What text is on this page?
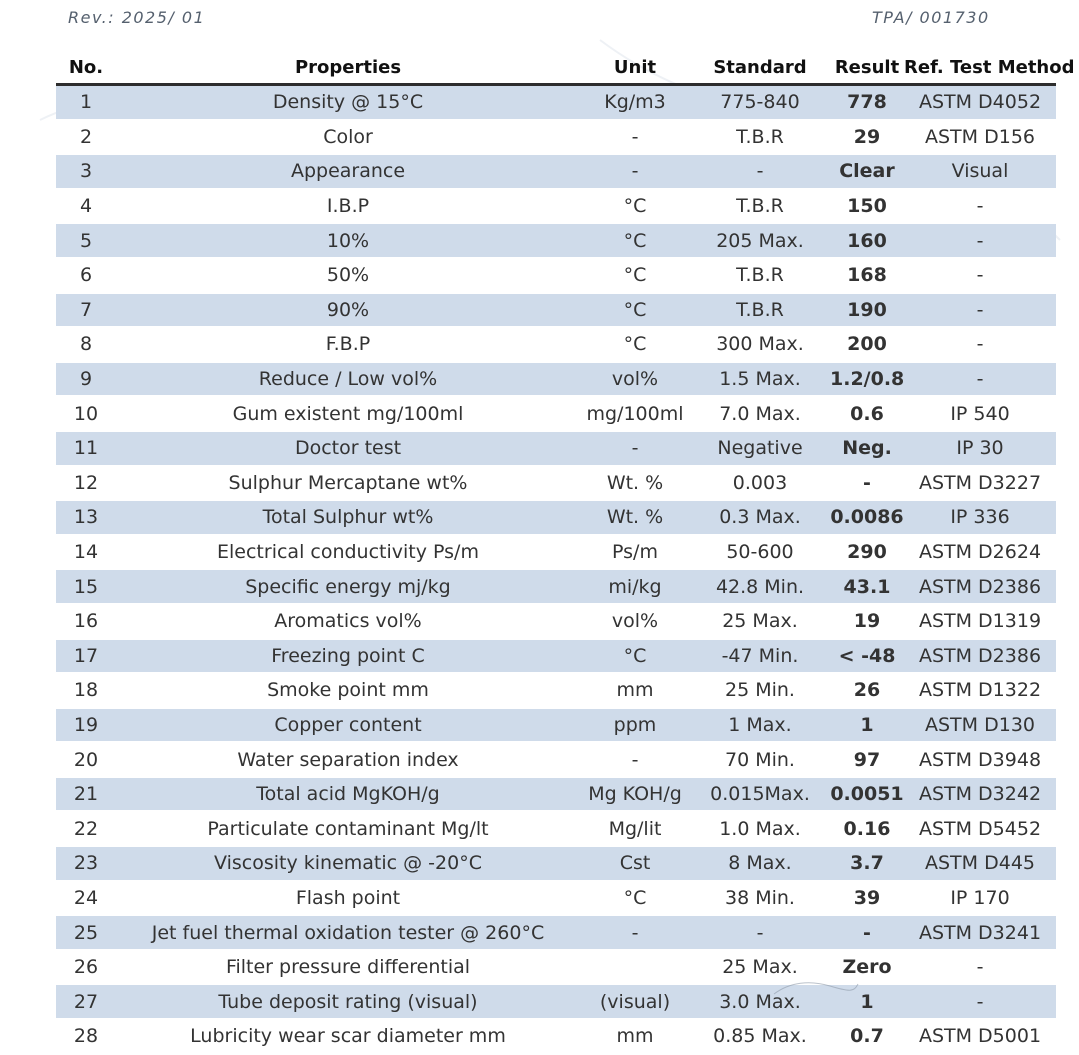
Rev.: 2025/ 01	TPA/ 001730
No.	Properties	Unit	Standard	Result	Ref. Test Method
1	Density @ 15°C	Kg/m3	775-840	778	ASTM D4052
2	Color	-	T.B.R	29	ASTM D156
3	Appearance	-	-	Clear	Visual
4	I.B.P	°C	T.B.R	150	-
5	10%	°C	205 Max.	160	-
6	50%	°C	T.B.R	168	-
7	90%	°C	T.B.R	190	-
8	F.B.P	°C	300 Max.	200	-
9	Reduce / Low vol%	vol%	1.5 Max.	1.2/0.8	-
10	Gum existent mg/100ml	mg/100ml	7.0 Max.	0.6	IP 540
11	Doctor test	-	Negative	Neg.	IP 30
12	Sulphur Mercaptane wt%	Wt. %	0.003	-	ASTM D3227
13	Total Sulphur wt%	Wt. %	0.3 Max.	0.0086	IP 336
14	Electrical conductivity Ps/m	Ps/m	50-600	290	ASTM D2624
15	Specific energy mj/kg	mi/kg	42.8 Min.	43.1	ASTM D2386
16	Aromatics vol%	vol%	25 Max.	19	ASTM D1319
17	Freezing point C	°C	-47 Min.	< -48	ASTM D2386
18	Smoke point mm	mm	25 Min.	26	ASTM D1322
19	Copper content	ppm	1 Max.	1	ASTM D130
20	Water separation index	-	70 Min.	97	ASTM D3948
21	Total acid MgKOH/g	Mg KOH/g	0.015Max.	0.0051	ASTM D3242
22	Particulate contaminant Mg/lt	Mg/lit	1.0 Max.	0.16	ASTM D5452
23	Viscosity kinematic @ -20°C	Cst	8 Max.	3.7	ASTM D445
24	Flash point	°C	38 Min.	39	IP 170
25	Jet fuel thermal oxidation tester @ 260°C	-	-	-	ASTM D3241
26	Filter pressure differential		25 Max.	Zero	-
27	Tube deposit rating (visual)	(visual)	3.0 Max.	1	-
28	Lubricity wear scar diameter mm	mm	0.85 Max.	0.7	ASTM D5001
